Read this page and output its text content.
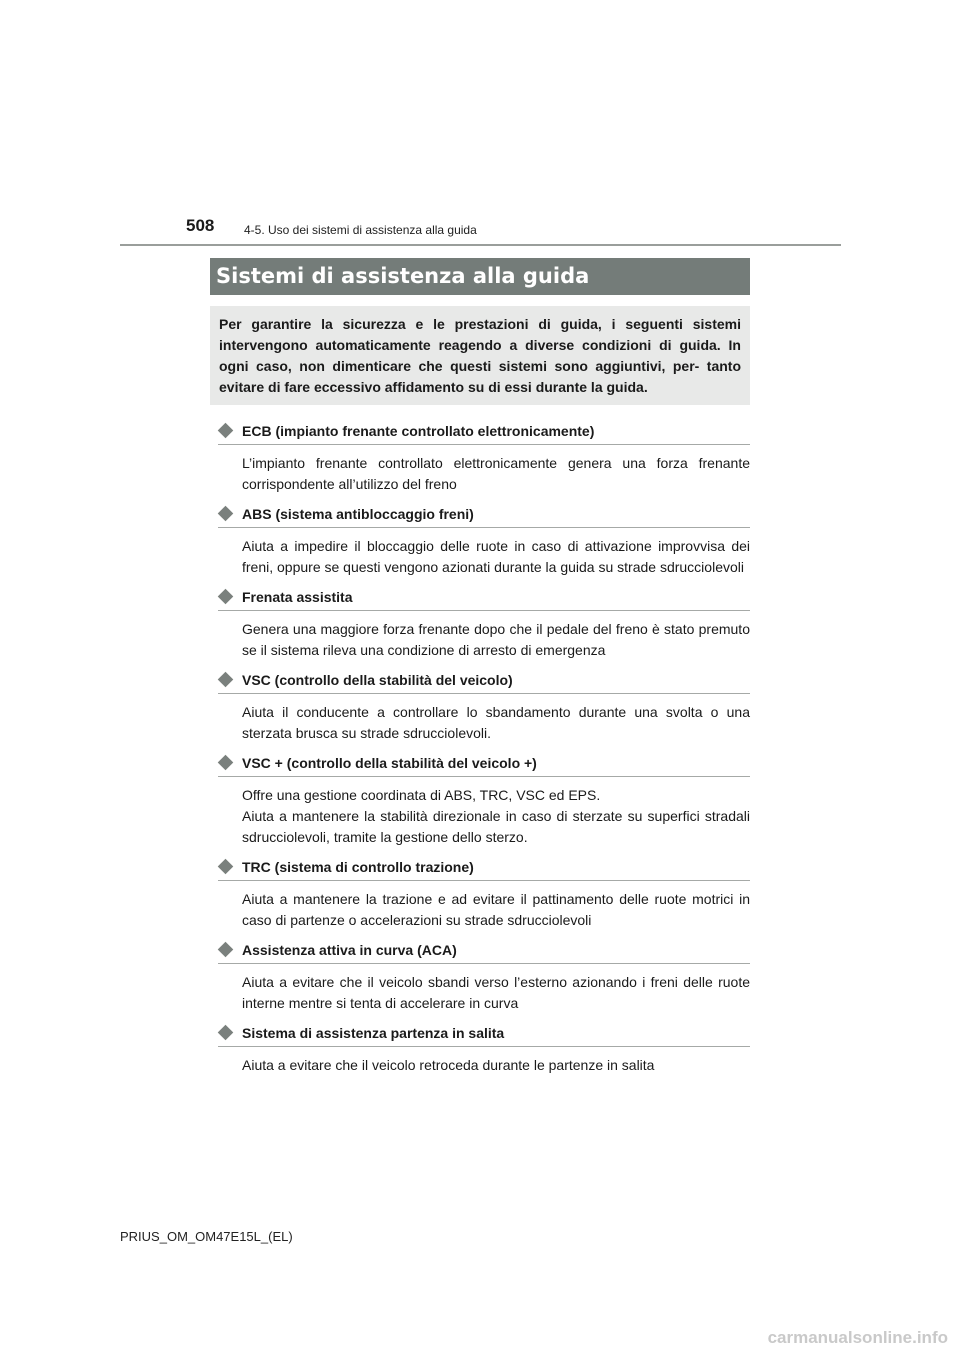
508 4-5. Uso dei sistemi di assistenza alla guida
Sistemi di assistenza alla guida

Per garantire la sicurezza e le prestazioni di guida, i seguenti sistemi intervengono automaticamente reagendo a diverse condizioni di guida. In ogni caso, non dimenticare che questi sistemi sono aggiuntivi, per- tanto evitare di fare eccessivo affidamento su di essi durante la guida.

ECB (impianto frenante controllato elettronicamente)

L’impianto frenante controllato elettronicamente genera una forza frenante corrispondente all’utilizzo del freno

ABS (sistema antibloccaggio freni)

Aiuta a impedire il bloccaggio delle ruote in caso di attivazione improvvisa dei freni, oppure se questi vengono azionati durante la guida su strade sdrucciolevoli

Frenata assistita

Genera una maggiore forza frenante dopo che il pedale del freno è stato premuto se il sistema rileva una condizione di arresto di emergenza

VSC (controllo della stabilità del veicolo)

Aiuta il conducente a controllare lo sbandamento durante una svolta o una sterzata brusca su strade sdrucciolevoli.

VSC + (controllo della stabilità del veicolo +)

Offre una gestione coordinata di ABS, TRC, VSC ed EPS.

Aiuta a mantenere la stabilità direzionale in caso di sterzate su superfici stradali sdrucciolevoli, tramite la gestione dello sterzo.

TRC (sistema di controllo trazione)

Aiuta a mantenere la trazione e ad evitare il pattinamento delle ruote motrici in caso di partenze o accelerazioni su strade sdrucciolevoli

Assistenza attiva in curva (ACA)

Aiuta a evitare che il veicolo sbandi verso l’esterno azionando i freni delle ruote interne mentre si tenta di accelerare in curva

Sistema di assistenza partenza in salita

Aiuta a evitare che il veicolo retroceda durante le partenze in salita

PRIUS_OM_OM47E15L_(EL)
carmanualsonline.info
